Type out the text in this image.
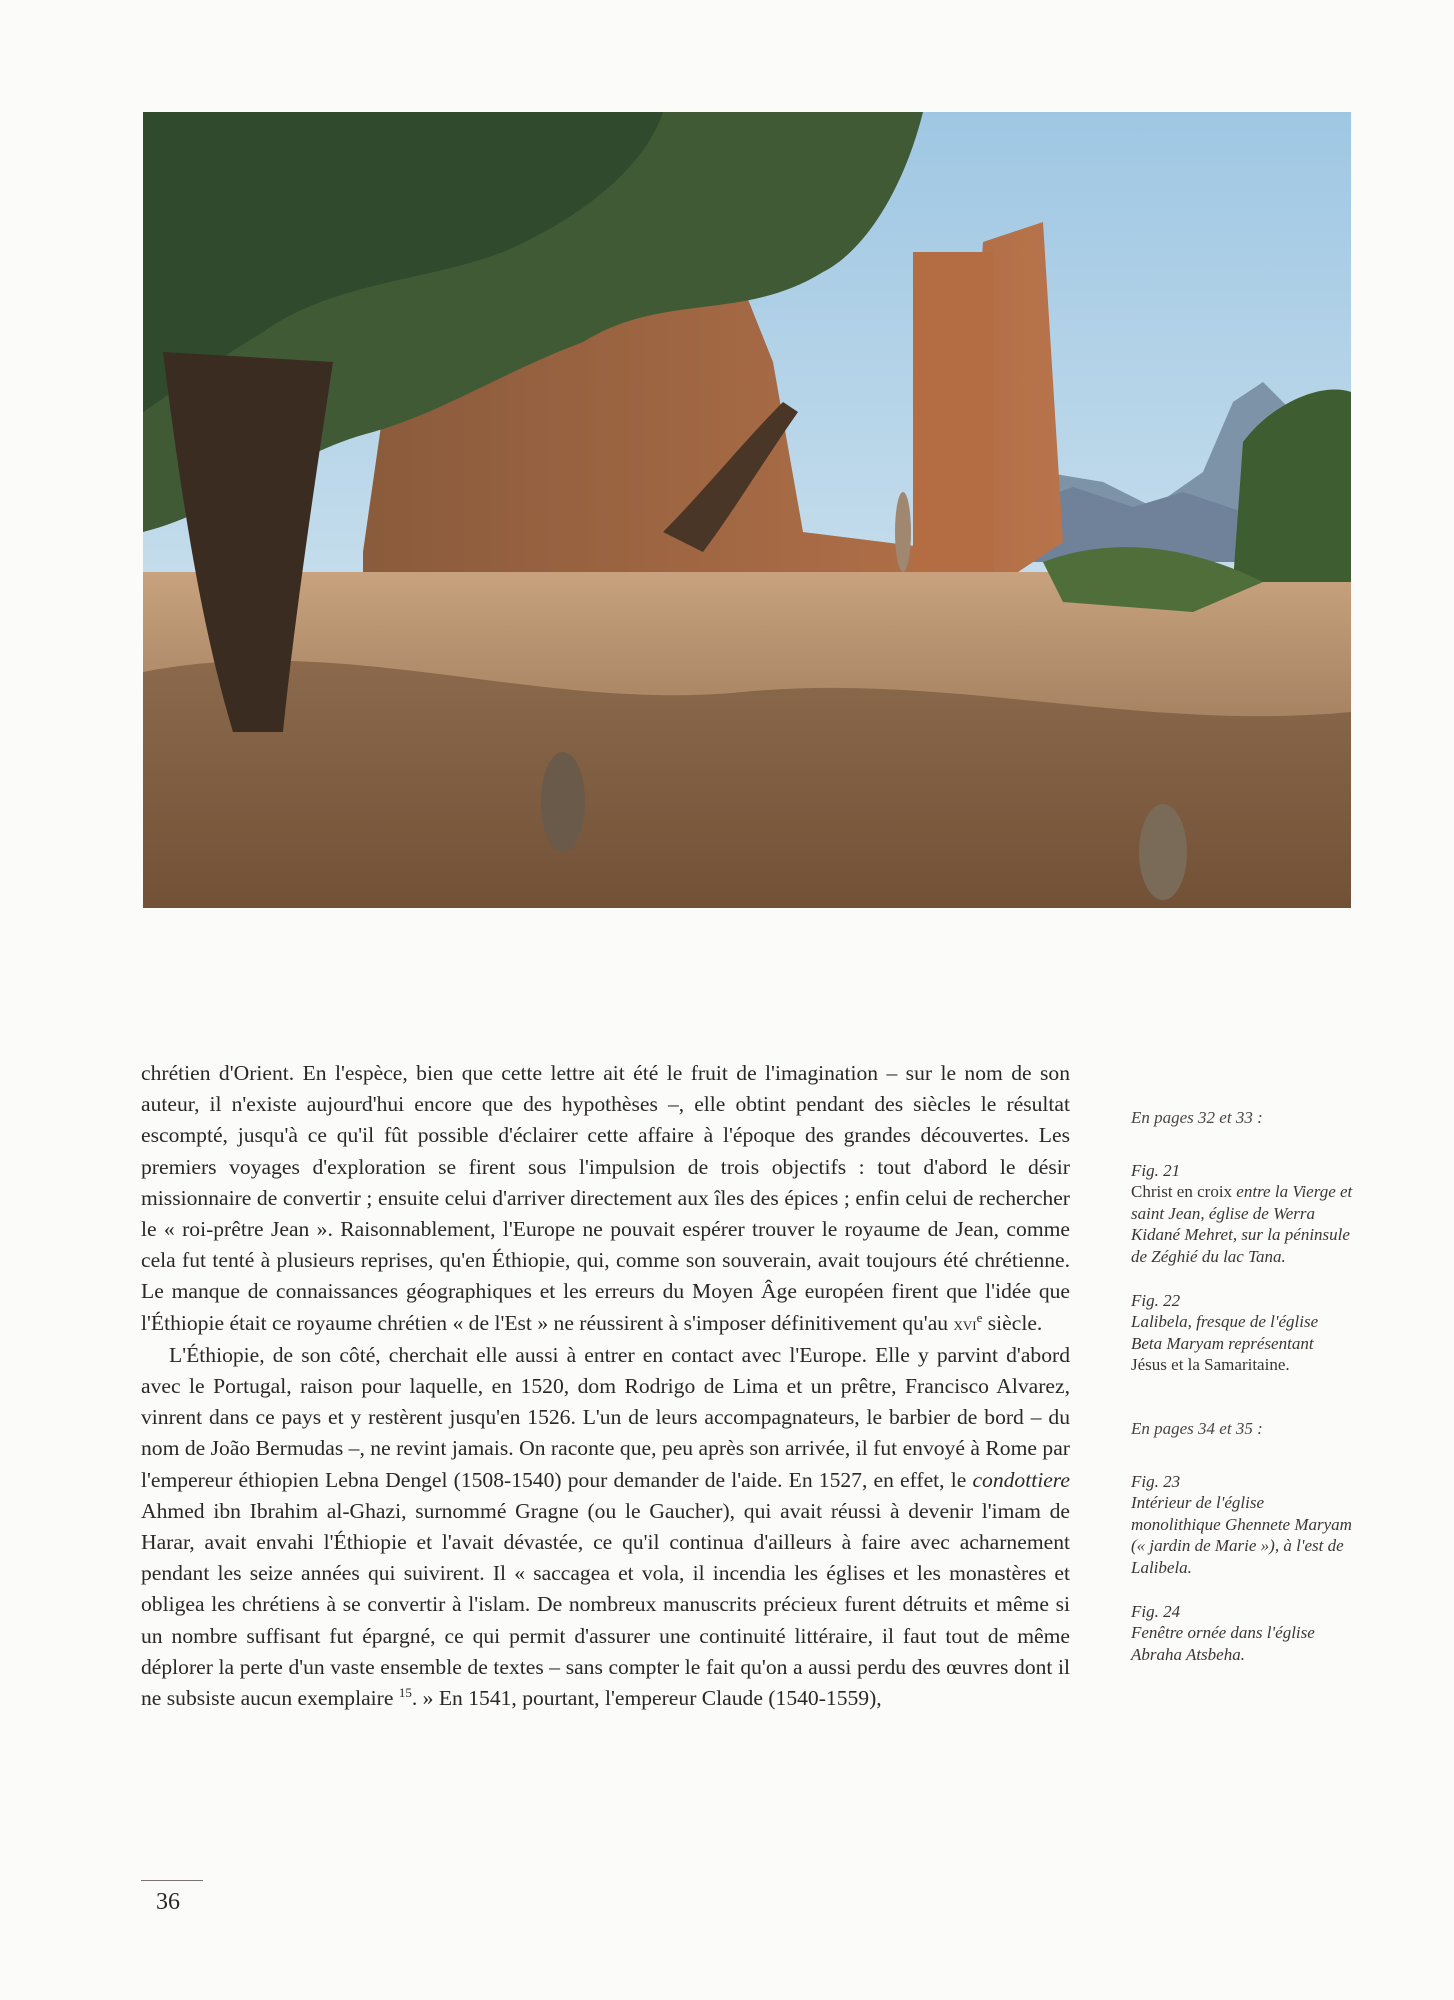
chrétien d'Orient. En l'espèce, bien que cette lettre ait été le fruit de l'imagination – sur le nom de son auteur, il n'existe aujourd'hui encore que des hypothèses –, elle obtint pendant des siècles le résultat escompté, jusqu'à ce qu'il fût possible d'éclairer cette affaire à l'époque des grandes découvertes. Les premiers voyages d'exploration se firent sous l'impulsion de trois objectifs : tout d'abord le désir missionnaire de convertir ; ensuite celui d'arriver directement aux îles des épices ; enfin celui de rechercher le « roi-prêtre Jean ». Raisonnablement, l'Europe ne pouvait espérer trouver le royaume de Jean, comme cela fut tenté à plusieurs reprises, qu'en Éthiopie, qui, comme son souverain, avait toujours été chrétienne. Le manque de connaissances géographiques et les erreurs du Moyen Âge européen firent que l'idée que l'Éthiopie était ce royaume chrétien « de l'Est » ne réussirent à s'imposer définitivement qu'au xvi$^e$ siècle.

L'Éthiopie, de son côté, cherchait elle aussi à entrer en contact avec l'Europe. Elle y parvint d'abord avec le Portugal, raison pour laquelle, en 1520, dom Rodrigo de Lima et un prêtre, Francisco Alvarez, vinrent dans ce pays et y restèrent jusqu'en 1526. L'un de leurs accompagnateurs, le barbier de bord – du nom de João Bermudas –, ne revint jamais. On raconte que, peu après son arrivée, il fut envoyé à Rome par l'empereur éthiopien Lebna Dengel (1508-1540) pour demander de l'aide. En 1527, en effet, le condottiere Ahmed ibn Ibrahim al-Ghazi, surnommé Gragne (ou le Gaucher), qui avait réussi à devenir l'imam de Harar, avait envahi l'Éthiopie et l'avait dévastée, ce qu'il continua d'ailleurs à faire avec acharnement pendant les seize années qui suivirent. Il « saccagea et vola, il incendia les églises et les monastères et obligea les chrétiens à se convertir à l'islam. De nombreux manuscrits précieux furent détruits et même si un nombre suffisant fut épargné, ce qui permit d'assurer une continuité littéraire, il faut tout de même déplorer la perte d'un vaste ensemble de textes – sans compter le fait qu'on a aussi perdu des œuvres dont il ne subsiste aucun exemplaire $^{15}$. » En 1541, pourtant, l'empereur Claude (1540-1559),

En pages 32 et 33 :
Fig. 21
Christ en croix entre la Vierge et saint Jean, église de Werra Kidané Mehret, sur la péninsule de Zéghié du lac Tana.
Fig. 22
Lalibela, fresque de l'église Beta Maryam représentant Jésus et la Samaritaine.
En pages 34 et 35 :
Fig. 23
Intérieur de l'église monolithique Ghennete Maryam (« jardin de Marie »), à l'est de Lalibela.
Fig. 24
Fenêtre ornée dans l'église Abraha Atsbeha.
36
